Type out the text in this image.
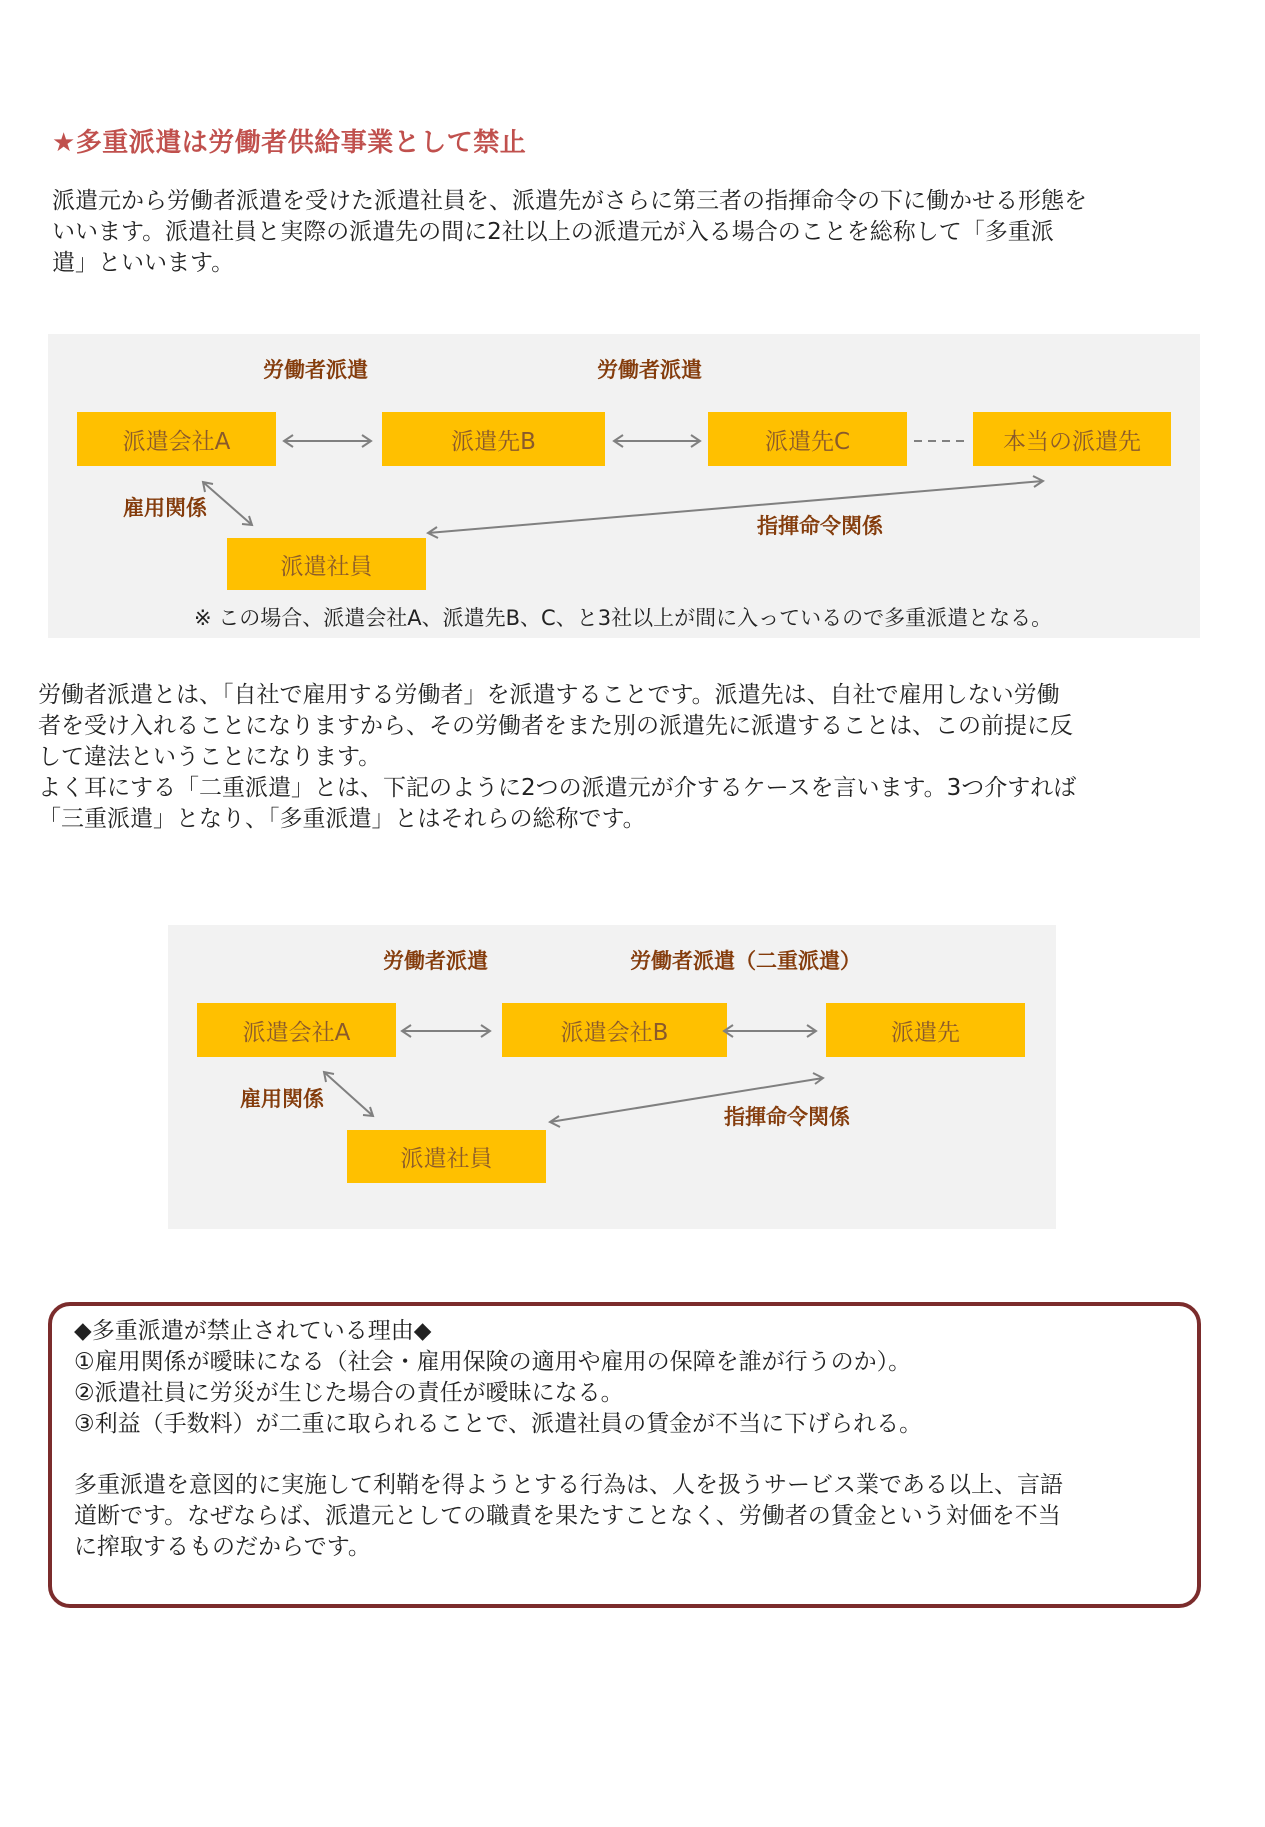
★多重派遣は労働者供給事業として禁止
派遣元から労働者派遣を受けた派遣社員を、派遣先がさらに第三者の指揮命令の下に働かせる形態を
いいます。派遣社員と実際の派遣先の間に2社以上の派遣元が入る場合のことを総称して「多重派
遣」といいます。
労働者派遣	労働者派遣
派遣会社A	派遣先B	派遣先C	本当の派遣先
派遣社員
雇用関係
指揮命令関係
※ この場合、派遣会社A、派遣先B、C、と3社以上が間に入っているので多重派遣となる。
労働者派遣とは、「自社で雇用する労働者」を派遣することです。派遣先は、自社で雇用しない労働
者を受け入れることになりますから、その労働者をまた別の派遣先に派遣することは、この前提に反
して違法ということになります。
よく耳にする「二重派遣」とは、下記のように2つの派遣元が介するケースを言います。3つ介すれば
「三重派遣」となり、「多重派遣」とはそれらの総称です。
労働者派遣	労働者派遣（二重派遣）
派遣会社A	派遣会社B	派遣先
派遣社員
雇用関係
指揮命令関係
◆多重派遣が禁止されている理由◆
①雇用関係が曖昧になる（社会・雇用保険の適用や雇用の保障を誰が行うのか）。
②派遣社員に労災が生じた場合の責任が曖昧になる。
③利益（手数料）が二重に取られることで、派遣社員の賃金が不当に下げられる。
多重派遣を意図的に実施して利鞘を得ようとする行為は、人を扱うサービス業である以上、言語
道断です。なぜならば、派遣元としての職責を果たすことなく、労働者の賃金という対価を不当
に搾取するものだからです。
